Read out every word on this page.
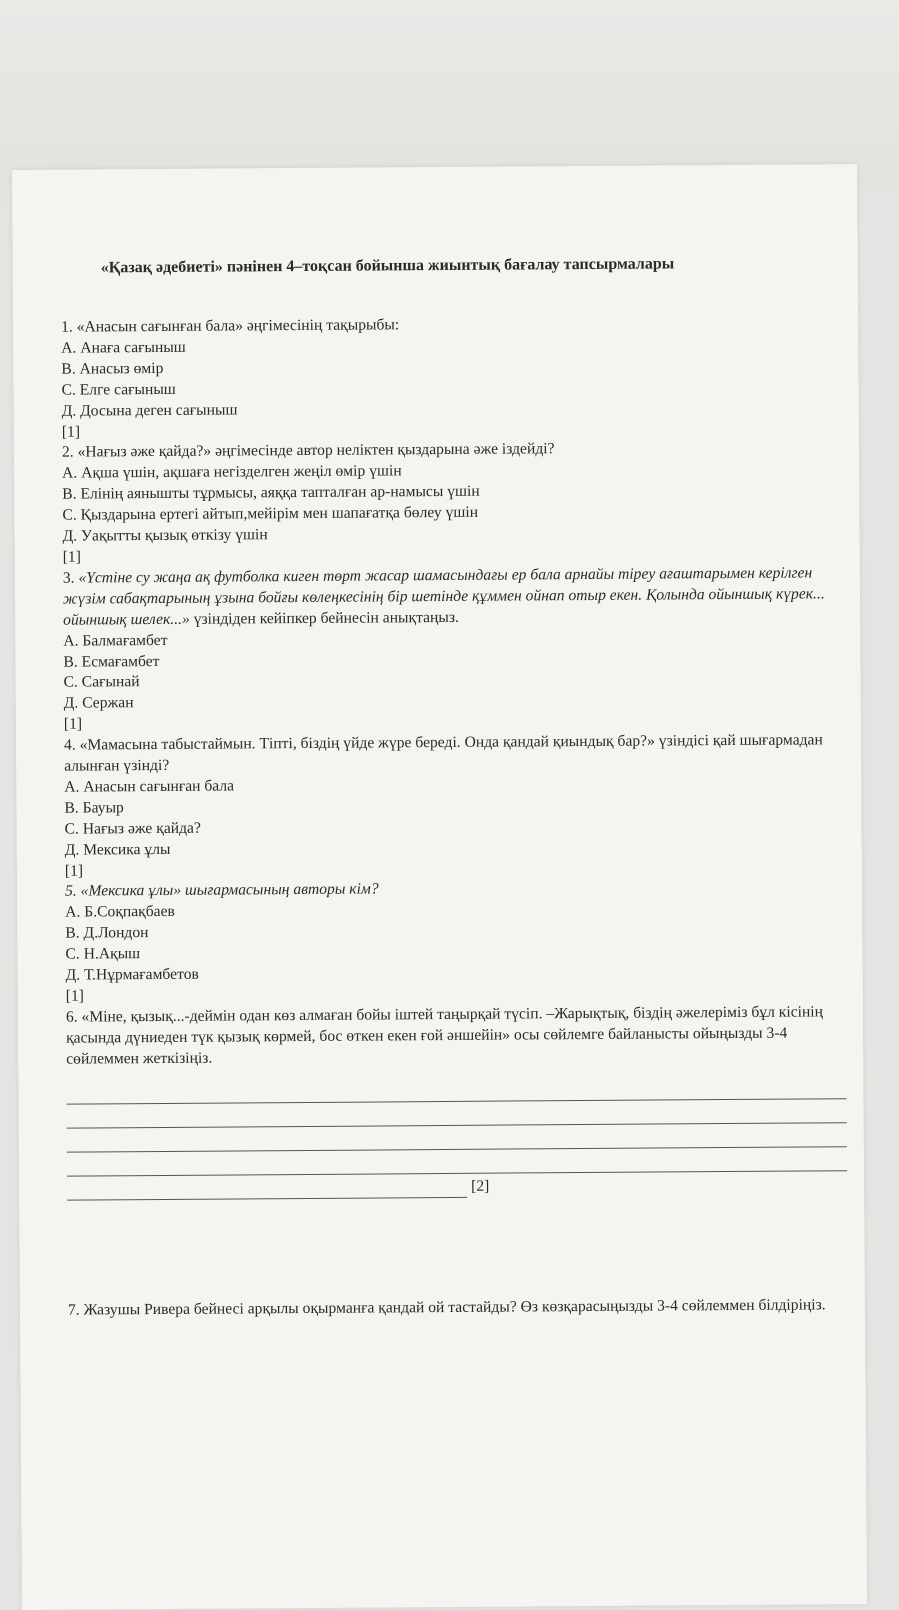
«Қазақ әдебиеті» пәнінен 4–тоқсан бойынша жиынтық бағалау тапсырмалары
1. «Анасын сағынған бала» әңгімесінің тақырыбы:
А. Анаға сағыныш
В. Анасыз өмір
С. Елге сағыныш
Д. Досына деген сағыныш
[1]
2. «Нағыз әже қайда?» әңгімесінде автор неліктен қыздарына әже іздейді?
А. Ақша үшін, ақшаға негізделген жеңіл өмір үшін
В. Елінің аянышты тұрмысы, аяққа тапталған ар-намысы үшін
С. Қыздарына ертегі айтып,мейірім мен шапағатқа бөлеу үшін
Д. Уақытты қызық өткізу үшін
[1]
3. «Үстіне су жаңа ақ футболка киген төрт жасар шамасындағы ер бала арнайы тірeу ағаштарымен керілген жүзім сабақтарының ұзына бойғы көлеңкесінің бір шетінде құммен ойнап отыр екен. Қолында ойыншық күрек... ойыншық шелек...» үзіндіден кейіпкер бейнесін анықтаңыз.
А. Балмағамбет
В. Есмағамбет
С. Сағынай
Д. Сержан
[1]
4. «Мамасына табыстаймын. Тіпті, біздің үйде жүре береді. Онда қандай қиындық бар?» үзіндісі қай шығармадан алынған үзінді?
А. Анасын сағынған бала
В. Бауыр
С. Нағыз әже қайда?
Д. Мексика ұлы
[1]
5. «Мексика ұлы» шығармасының авторы кім?
А. Б.Соқпақбаев
В. Д.Лондон
С. Н.Ақыш
Д. Т.Нұрмағамбетов
[1]
6. «Міне, қызық...-деймін одан көз алмаған бойы іштей таңырқай түсіп. –Жарықтық, біздің әжелеріміз бұл кісінің қасында дүниеден түк қызық көрмей, бос өткен екен ғой әншейін» осы сөйлемге байланысты ойыңызды 3-4 сөйлеммен жеткізіңіз.
[2]
7. Жазушы Ривера бейнесі арқылы оқырманға қандай ой тастайды? Өз көзқарасыңызды 3-4 сөйлеммен білдіріңіз.
